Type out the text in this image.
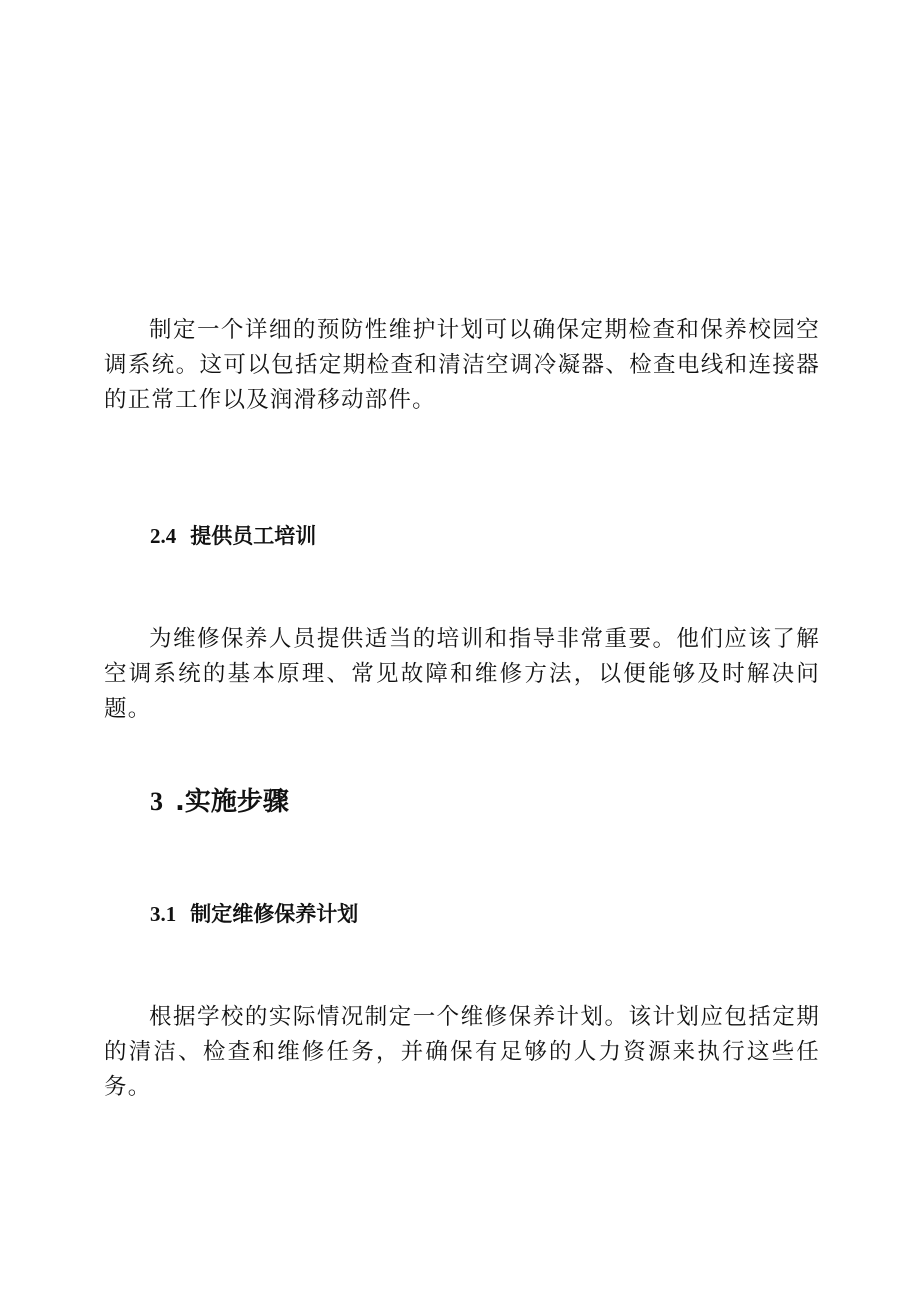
制定一个详细的预防性维护计划可以确保定期检查和保养校园空调系统。这可以包括定期检查和清洁空调冷凝器、检查电线和连接器的正常工作以及润滑移动部件。

2.4 提供员工培训

为维修保养人员提供适当的培训和指导非常重要。他们应该了解空调系统的基本原理、常见故障和维修方法，以便能够及时解决问题。

3 .实施步骤
3.1 制定维修保养计划

根据学校的实际情况制定一个维修保养计划。该计划应包括定期的清洁、检查和维修任务，并确保有足够的人力资源来执行这些任务。
